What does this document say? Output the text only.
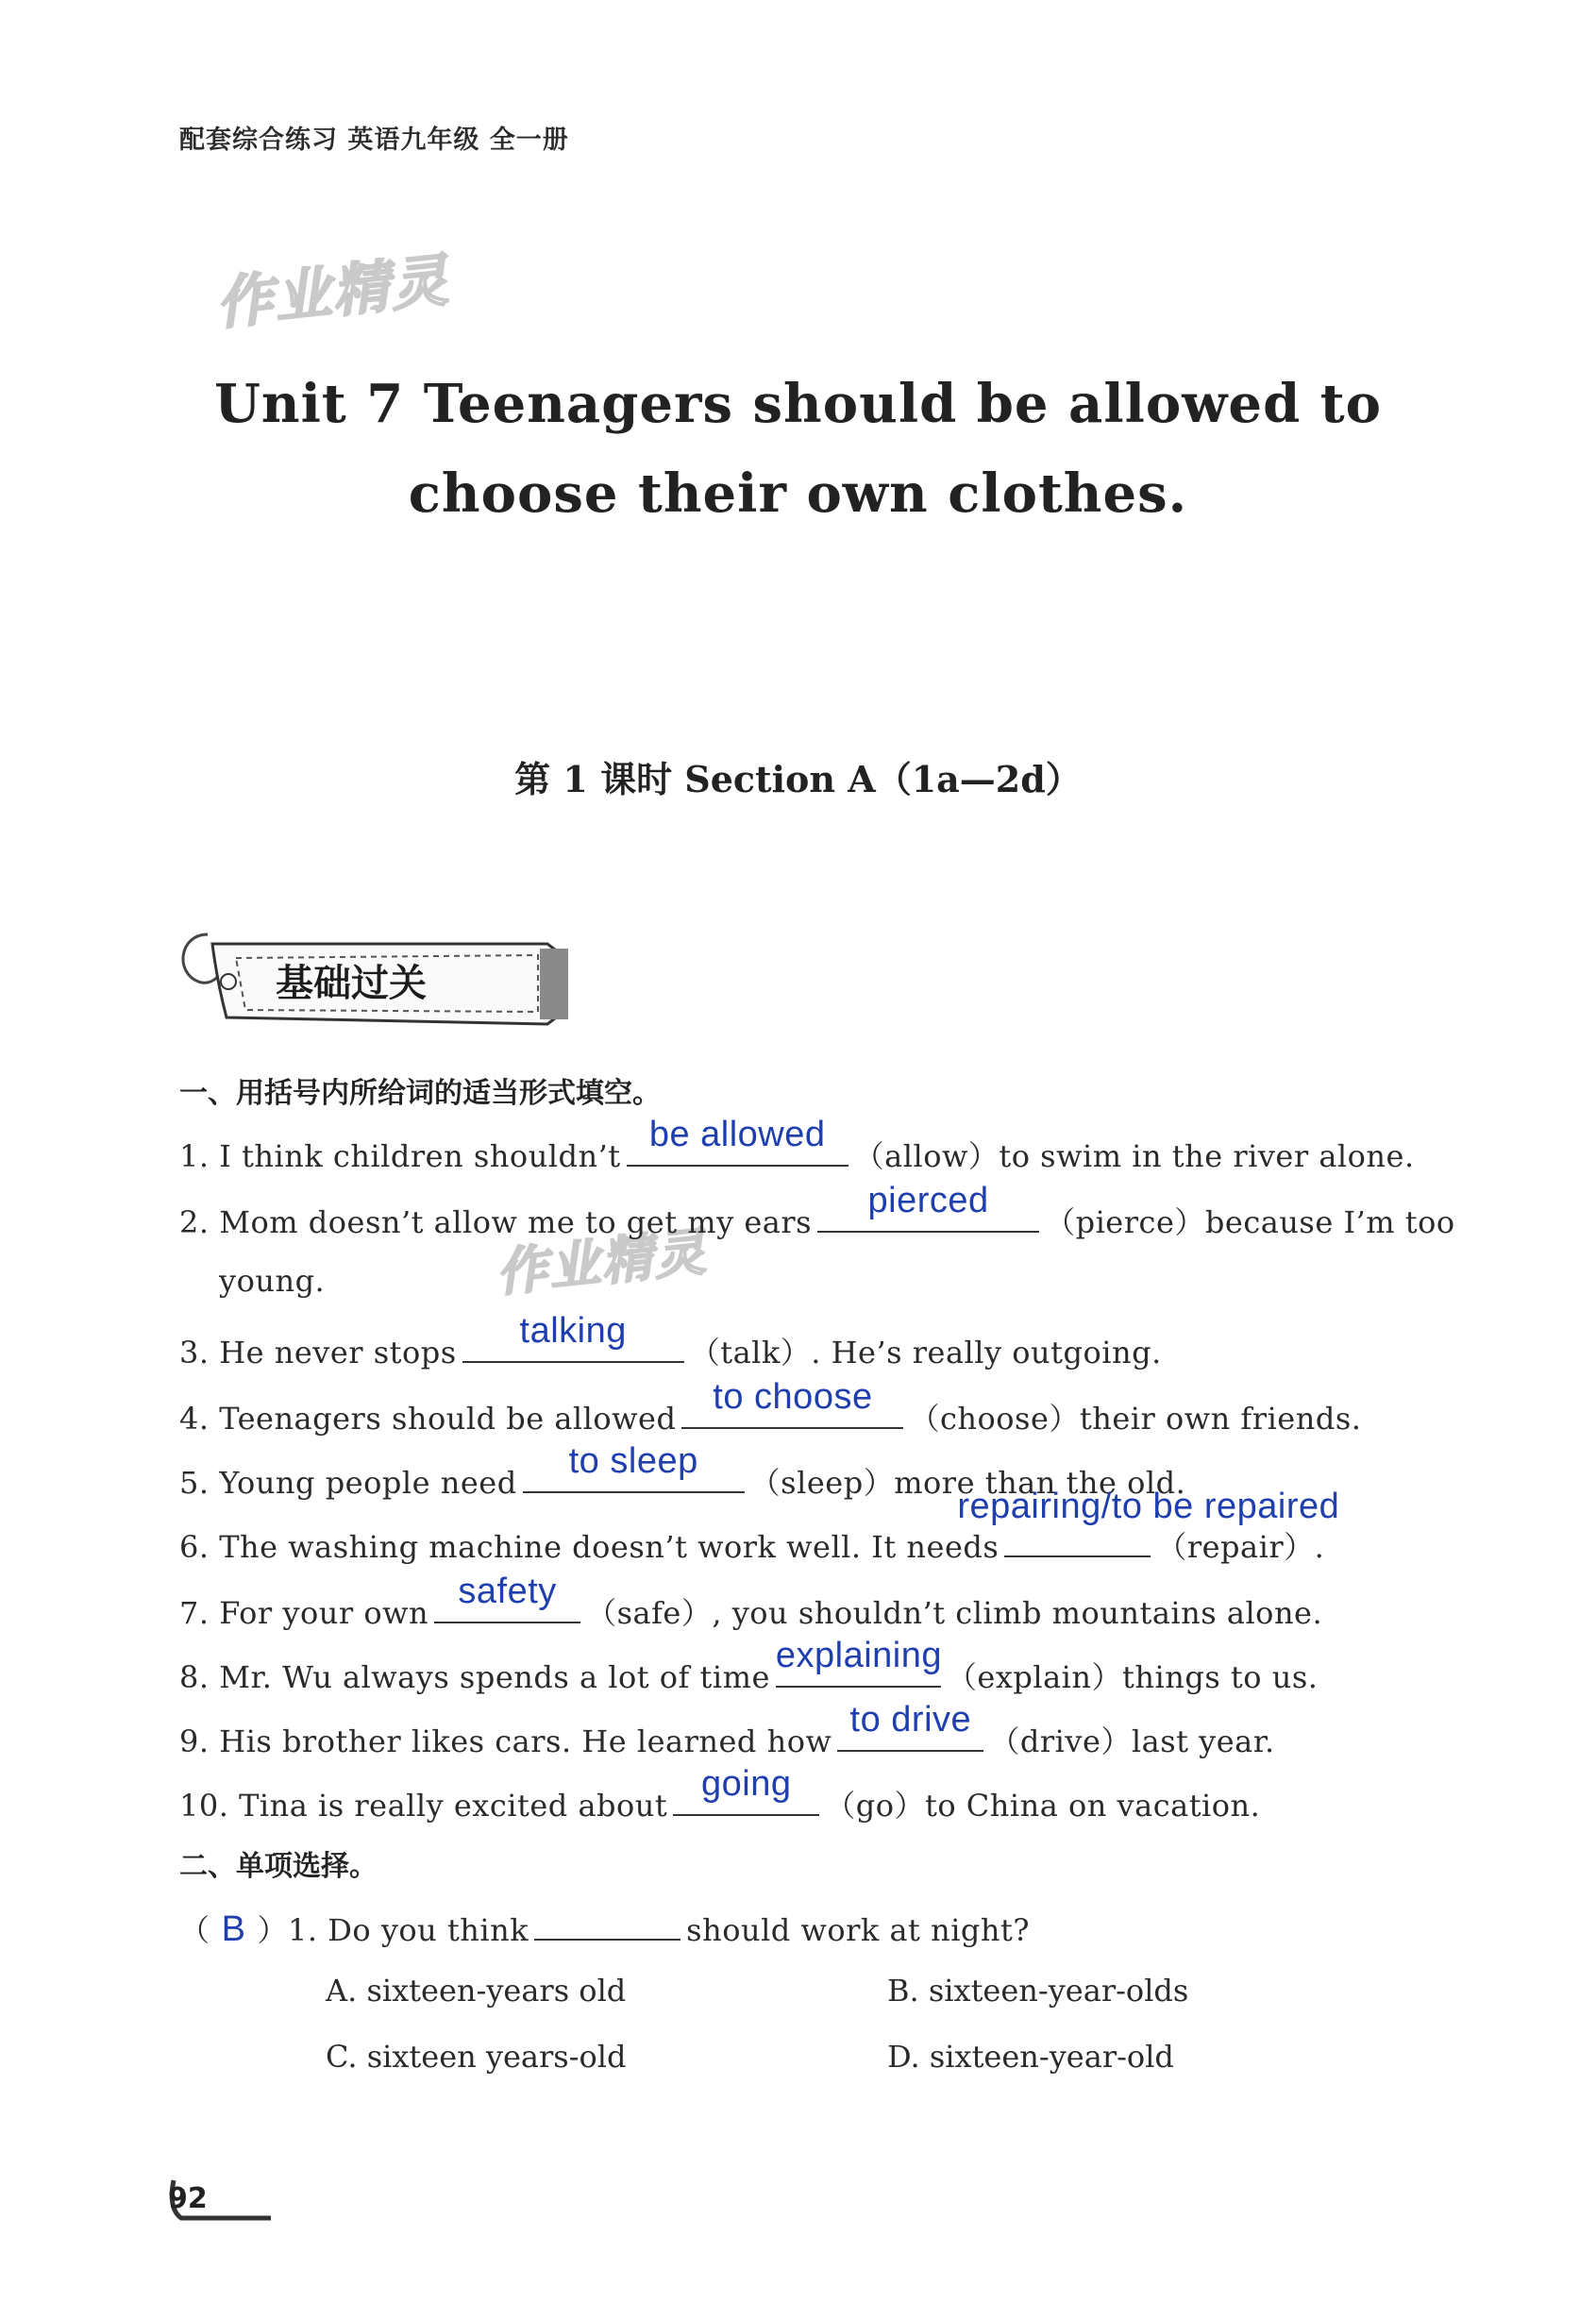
配套综合练习 英语九年级 全一册
作业精灵
作业精灵
Unit 7 Teenagers should be allowed to
choose their own clothes.
第 1 课时 Section A（1a—2d）
基础过关
一、用括号内所给词的适当形式填空。
1. I think children shouldn’t
be allowed
（allow）to swim in the river alone.
2. Mom doesn’t allow me to get my ears
pierced
（pierce）because I’m too
young.
3. He never stops
talking
（talk）. He’s really outgoing.
4. Teenagers should be allowed
to choose
（choose）their own friends.
5. Young people need
to sleep
（sleep）more than the old.
6. The washing machine doesn’t work well. It needs
repairing/to be repaired
（repair）.
7. For your own
safety
（safe）, you shouldn’t climb mountains alone.
8. Mr. Wu always spends a lot of time
explaining
（explain）things to us.
9. His brother likes cars. He learned how
to drive
（drive）last year.
10. Tina is really excited about
going
（go）to China on vacation.
二、单项选择。
（ B ）1. Do you think	should work at night?
A. sixteen-years old	B. sixteen-year-olds
C. sixteen years-old	D. sixteen-year-old
92
